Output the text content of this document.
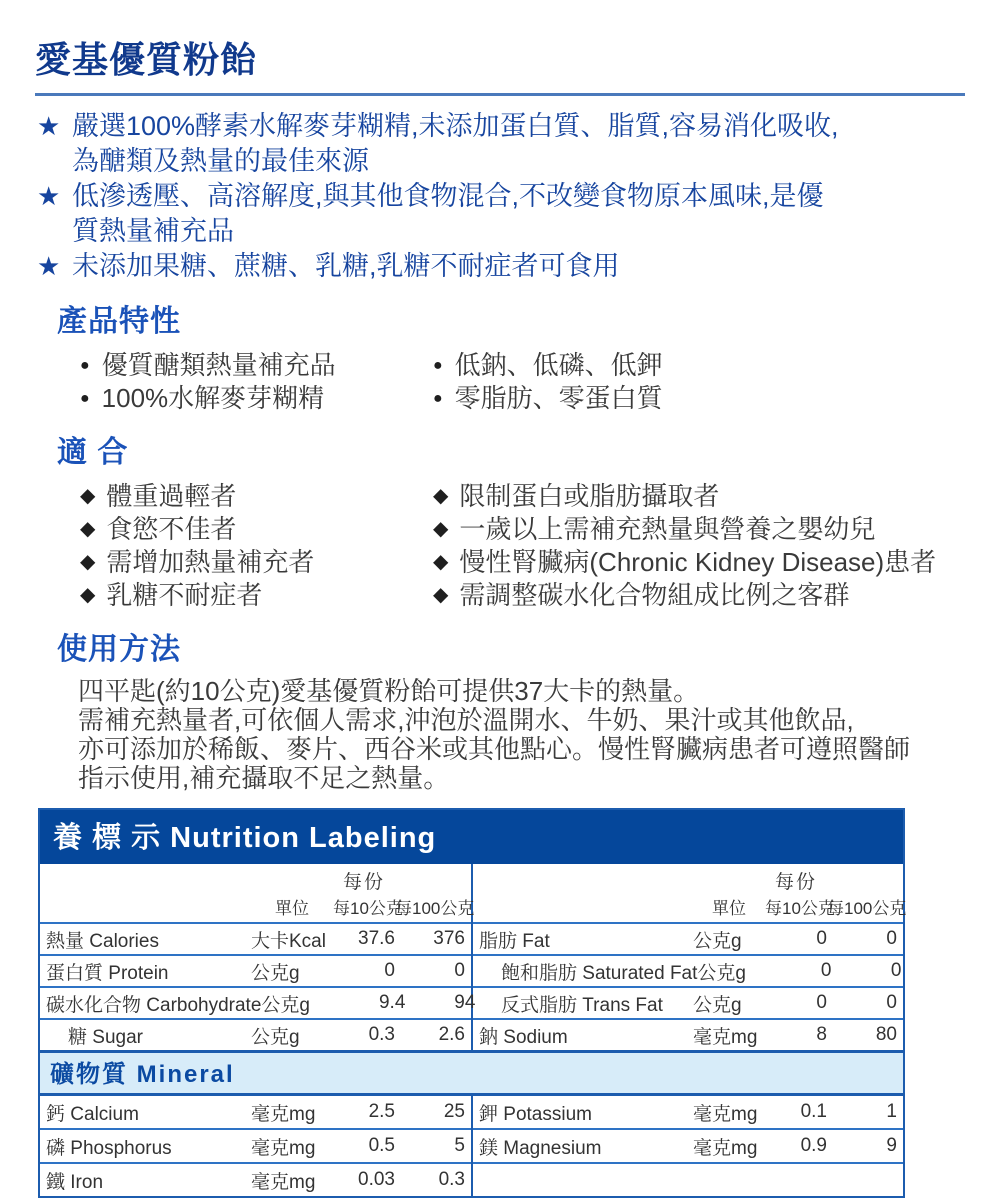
愛基優質粉飴
★ 嚴選100%酵素水解麥芽糊精,未添加蛋白質、脂質,容易消化吸收,
為醣類及熱量的最佳來源
★ 低滲透壓、高溶解度,與其他食物混合,不改變食物原本風味,是優
質熱量補充品
★ 未添加果糖、蔗糖、乳糖,乳糖不耐症者可食用
產品特性
● 優質醣類熱量補充品
● 100%水解麥芽糊精
● 低鈉、低磷、低鉀
● 零脂肪、零蛋白質
適 合
◆ 體重過輕者
◆ 食慾不佳者
◆ 需增加熱量補充者
◆ 乳糖不耐症者
◆ 限制蛋白或脂肪攝取者
◆ 一歲以上需補充熱量與營養之嬰幼兒
◆ 慢性腎臟病(Chronic Kidney Disease)患者
◆ 需調整碳水化合物組成比例之客群
使用方法
四平匙(約10公克)愛基優質粉飴可提供37大卡的熱量。
需補充熱量者,可依個人需求,沖泡於溫開水、牛奶、果汁或其他飲品,
亦可添加於稀飯、麥片、西谷米或其他點心。慢性腎臟病患者可遵照醫師
指示使用,補充攝取不足之熱量。
養 標 示 Nutrition Labeling
每份
單位	每10公克
每100公克
熱量 Calories	大卡Kcal	37.6	376
蛋白質 Protein	公克g	0	0
碳水化合物 Carbohydrate 公克g	9.4	94
糖 Sugar	公克g	0.3	2.6
每份
單位	每10公克
每100公克
脂肪 Fat	公克g	0	0
飽和脂肪 Saturated Fat 公克g	0	0
反式脂肪 Trans Fat	公克g	0	0
鈉 Sodium	毫克mg	8	80
礦物質 Mineral
鈣 Calcium	毫克mg	2.5	25
磷 Phosphorus	毫克mg	0.5	5
鐵 Iron	毫克mg	0.03	0.3
鉀 Potassium	毫克mg	0.1	1
鎂 Magnesium	毫克mg	0.9	9
